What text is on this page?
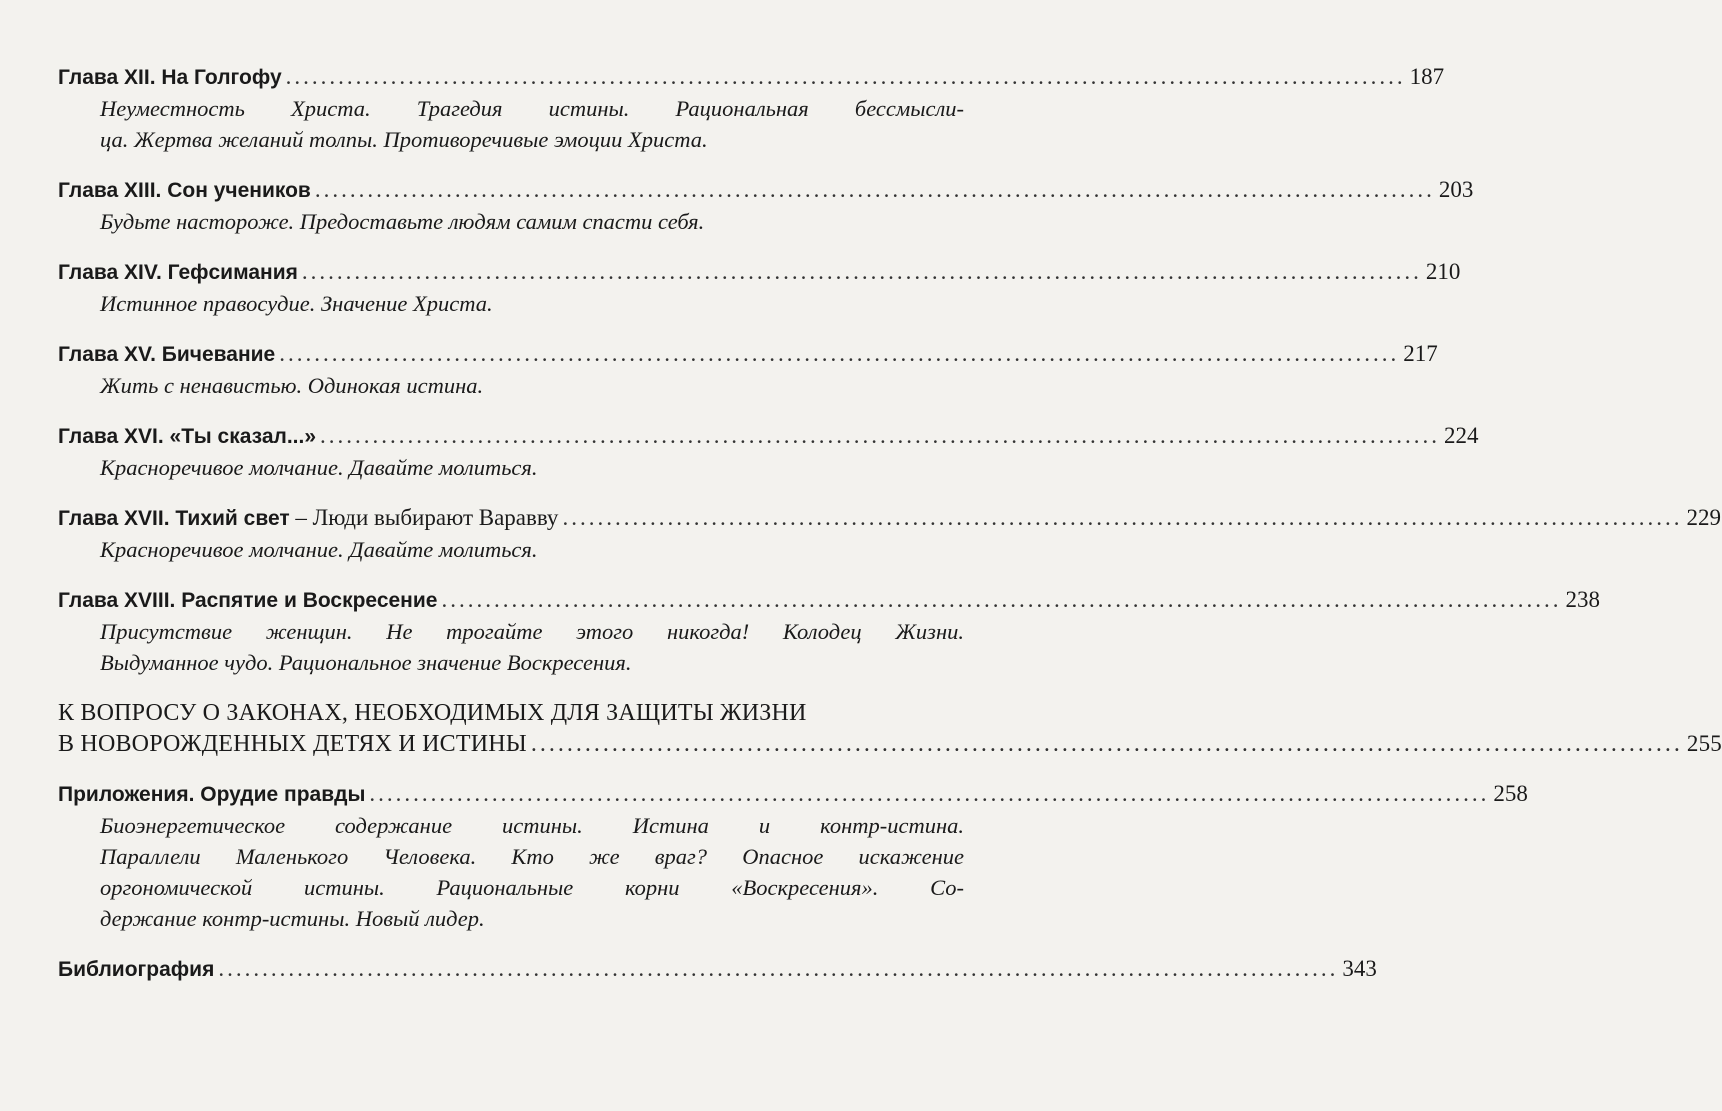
Глава XII. На Голгофу ................................................................................................................................ 187
Неуместность Христа. Трагедия истины. Рациональная бессмысли-
ца. Жертва желаний толпы. Противоречивые эмоции Христа.
Глава XIII. Сон учеников ................................................................................................................................ 203
Будьте настороже. Предоставьте людям самим спасти себя.
Глава XIV. Гефсимания ................................................................................................................................ 210
Истинное правосудие. Значение Христа.
Глава XV. Бичевание ................................................................................................................................ 217
Жить с ненавистью. Одинокая истина.
Глава XVI. «Ты сказал...» ................................................................................................................................ 224
Красноречивое молчание. Давайте молиться.
Глава XVII. Тихий свет – Люди выбирают Варавву ................................................................................................................................ 229
Красноречивое молчание. Давайте молиться.
Глава XVIII. Распятие и Воскресение ................................................................................................................................ 238
Присутствие женщин. Не трогайте этого никогда! Колодец Жизни.
Выдуманное чудо. Рациональное значение Воскресения.
К ВОПРОСУ О ЗАКОНАХ, НЕОБХОДИМЫХ ДЛЯ ЗАЩИТЫ ЖИЗНИ
В НОВОРОЖДЕННЫХ ДЕТЯХ И ИСТИНЫ ................................................................................................................................ 255
Приложения. Орудие правды ................................................................................................................................ 258
Биоэнергетическое содержание истины. Истина и контр-истина.
Параллели Маленького Человека. Кто же враг? Опасное искажение
оргономической истины. Рациональные корни «Воскресения». Со-
держание контр-истины. Новый лидер.
Библиография ................................................................................................................................ 343
